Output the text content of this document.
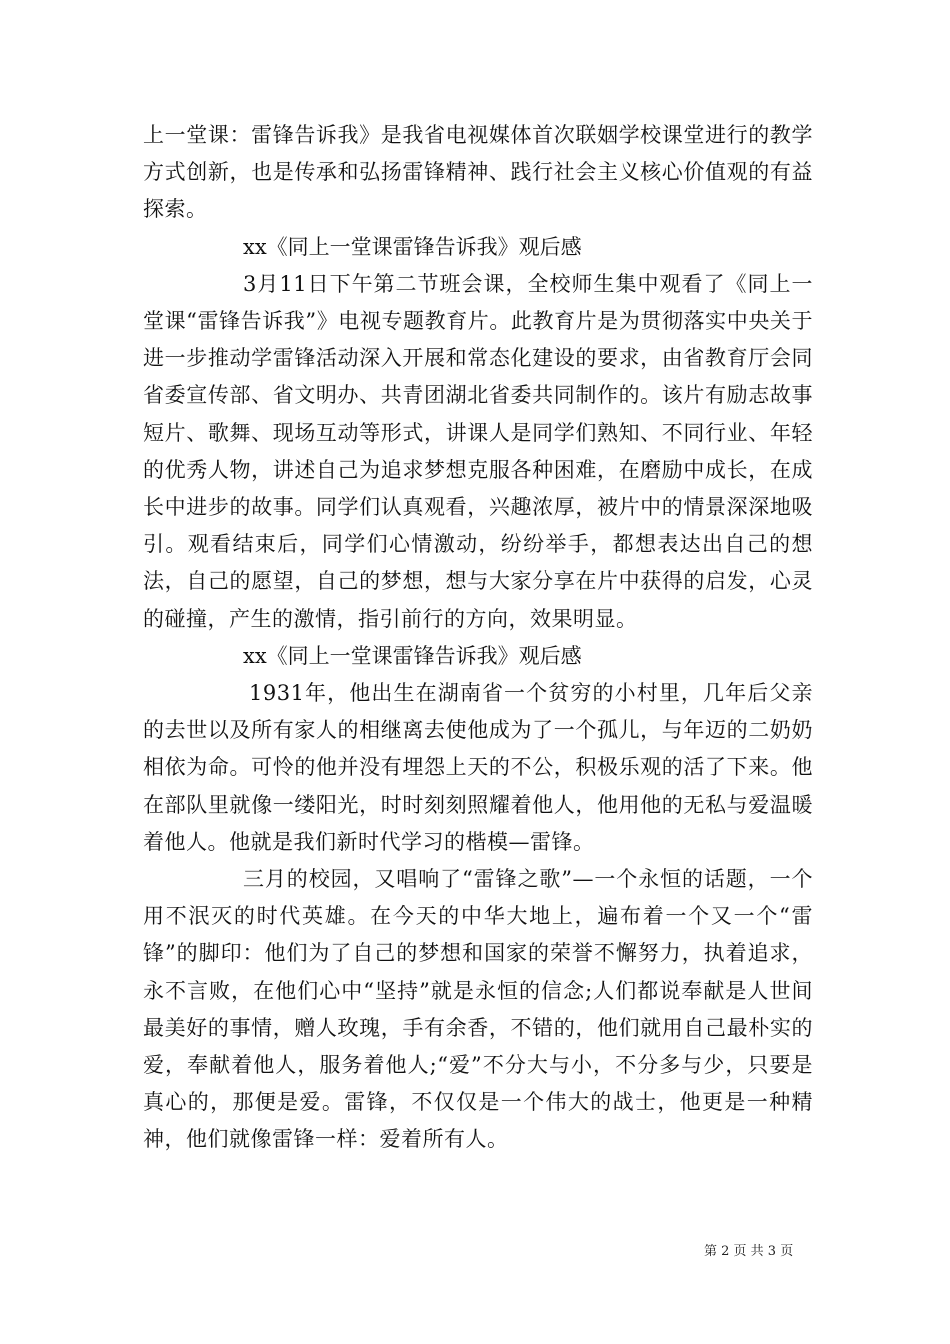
上一堂课：雷锋告诉我》是我省电视媒体首次联姻学校课堂进行的教学方式创新，也是传承和弘扬雷锋精神、践行社会主义核心价值观的有益探索。

xx《同上一堂课雷锋告诉我》观后感

3月11日下午第二节班会课，全校师生集中观看了《同上一堂课“雷锋告诉我”》电视专题教育片。此教育片是为贯彻落实中央关于进一步推动学雷锋活动深入开展和常态化建设的要求，由省教育厅会同省委宣传部、省文明办、共青团湖北省委共同制作的。该片有励志故事短片、歌舞、现场互动等形式，讲课人是同学们熟知、不同行业、年轻的优秀人物，讲述自己为追求梦想克服各种困难，在磨励中成长，在成长中进步的故事。同学们认真观看，兴趣浓厚，被片中的情景深深地吸引。观看结束后，同学们心情激动，纷纷举手，都想表达出自己的想法，自己的愿望，自己的梦想，想与大家分享在片中获得的启发，心灵的碰撞，产生的激情，指引前行的方向，效果明显。

xx《同上一堂课雷锋告诉我》观后感

1931年，他出生在湖南省一个贫穷的小村里，几年后父亲的去世以及所有家人的相继离去使他成为了一个孤儿，与年迈的二奶奶相依为命。可怜的他并没有埋怨上天的不公，积极乐观的活了下来。他在部队里就像一缕阳光，时时刻刻照耀着他人，他用他的无私与爱温暖着他人。他就是我们新时代学习的楷模—雷锋。

三月的校园，又唱响了“雷锋之歌”—一个永恒的话题，一个用不泯灭的时代英雄。在今天的中华大地上，遍布着一个又一个“雷锋”的脚印：他们为了自己的梦想和国家的荣誉不懈努力，执着追求，永不言败，在他们心中“坚持”就是永恒的信念;人们都说奉献是人世间最美好的事情，赠人玫瑰，手有余香，不错的，他们就用自己最朴实的爱，奉献着他人，服务着他人;“爱”不分大与小，不分多与少，只要是真心的，那便是爱。雷锋，不仅仅是一个伟大的战士，他更是一种精神，他们就像雷锋一样：爱着所有人。

第 2 页 共 3 页
